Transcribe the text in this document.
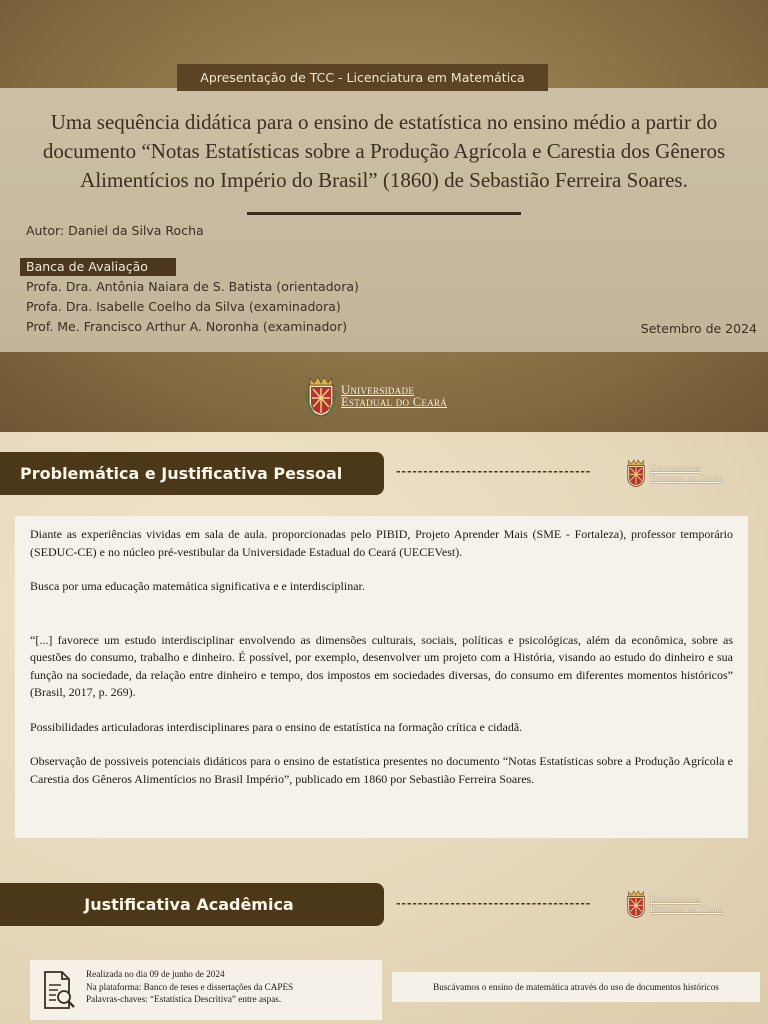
Apresentação de TCC - Licenciatura em Matemática
Uma sequência didática para o ensino de estatística no ensino médio a partir do
documento “Notas Estatísticas sobre a Produção Agrícola e Carestia dos Gêneros
Alimentícios no Império do Brasil” (1860) de Sebastião Ferreira Soares.
Autor: Daniel da Silva Rocha
Banca de Avaliação
Profa. Dra. Antônia Naiara de S. Batista (orientadora)
Profa. Dra. Isabelle Coelho da Silva (examinadora)
Prof. Me. Francisco Arthur A. Noronha (examinador)	Setembro de 2024
Universidade
Estadual do Ceará
Problemática e Justificativa Pessoal	------------------------------------	Universidade
Estadual do Ceará

Diante as experiências vividas em sala de aula. proporcionadas pelo PIBID, Projeto Aprender Mais (SME - Fortaleza), professor temporário (SEDUC-CE) e no núcleo pré-vestibular da Universidade Estadual do Ceará (UECEVest).

Busca por uma educação matemática significativa e e interdisciplinar.

“[...] favorece um estudo interdisciplinar envolvendo as dimensões culturais, sociais, políticas e psicológicas, além da econômica, sobre as questões do consumo, trabalho e dinheiro. É possível, por exemplo, desenvolver um projeto com a História, visando ao estudo do dinheiro e sua função na sociedade, da relação entre dinheiro e tempo, dos impostos em sociedades diversas, do consumo em diferentes momentos históricos” (Brasil, 2017, p. 269).

Possibilidades articuladoras interdisciplinares para o ensino de estatística na formação crítica e cidadã.

Observação de possiveis potenciais didáticos para o ensino de estatística presentes no documento “Notas Estatísticas sobre a Produção Agrícola e Carestia dos Gêneros Alimentícios no Brasil Império”, publicado em 1860 por Sebastião Ferreira Soares.

Justificativa Acadêmica	------------------------------------	Universidade
Estadual do Ceará
Realizada no dia 09 de junho de 2024
Na plataforma: Banco de teses e dissertações da CAPES
Palavras-chaves: “Estatística Descritiva” entre aspas.
Buscávamos o ensino de matemática através do uso de documentos históricos
